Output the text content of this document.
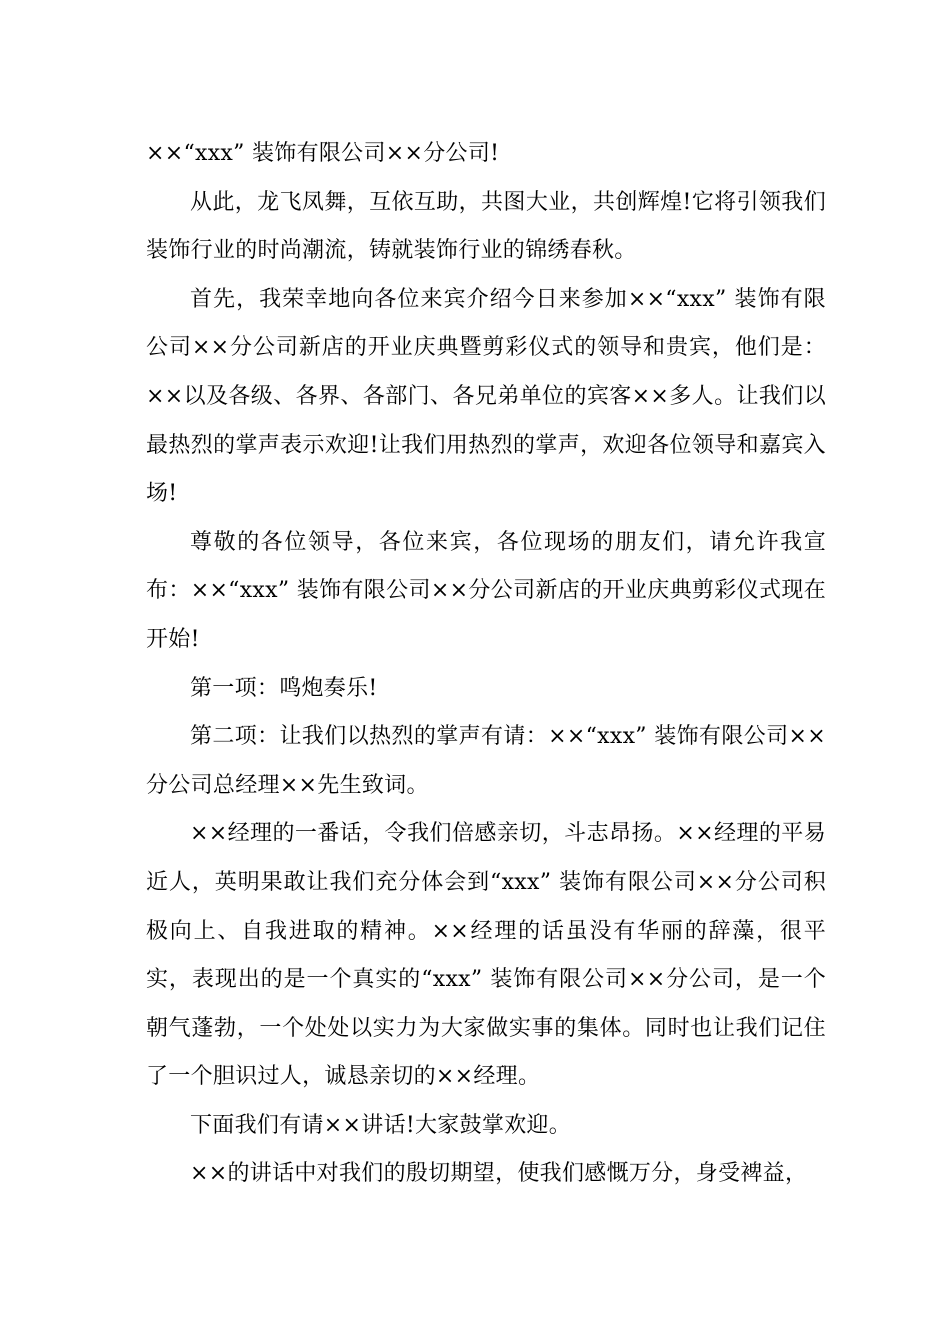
××“xxx” 装饰有限公司××分公司!

从此，龙飞凤舞，互依互助，共图大业，共创辉煌!它将引领我们装饰行业的时尚潮流，铸就装饰行业的锦绣春秋。

首先，我荣幸地向各位来宾介绍今日来参加××“xxx” 装饰有限公司××分公司新店的开业庆典暨剪彩仪式的领导和贵宾，他们是：××以及各级、各界、各部门、各兄弟单位的宾客××多人。让我们以最热烈的掌声表示欢迎!让我们用热烈的掌声，欢迎各位领导和嘉宾入场!

尊敬的各位领导，各位来宾，各位现场的朋友们，请允许我宣布：××“xxx” 装饰有限公司××分公司新店的开业庆典剪彩仪式现在开始!

第一项：鸣炮奏乐!

第二项：让我们以热烈的掌声有请：××“xxx” 装饰有限公司××分公司总经理××先生致词。

××经理的一番话，令我们倍感亲切，斗志昂扬。××经理的平易近人，英明果敢让我们充分体会到“xxx” 装饰有限公司××分公司积极向上、自我进取的精神。××经理的话虽没有华丽的辞藻，很平实，表现出的是一个真实的“xxx” 装饰有限公司××分公司，是一个朝气蓬勃，一个处处以实力为大家做实事的集体。同时也让我们记住了一个胆识过人，诚恳亲切的××经理。

下面我们有请××讲话!大家鼓掌欢迎。

××的讲话中对我们的殷切期望，使我们感慨万分，身受裨益，
